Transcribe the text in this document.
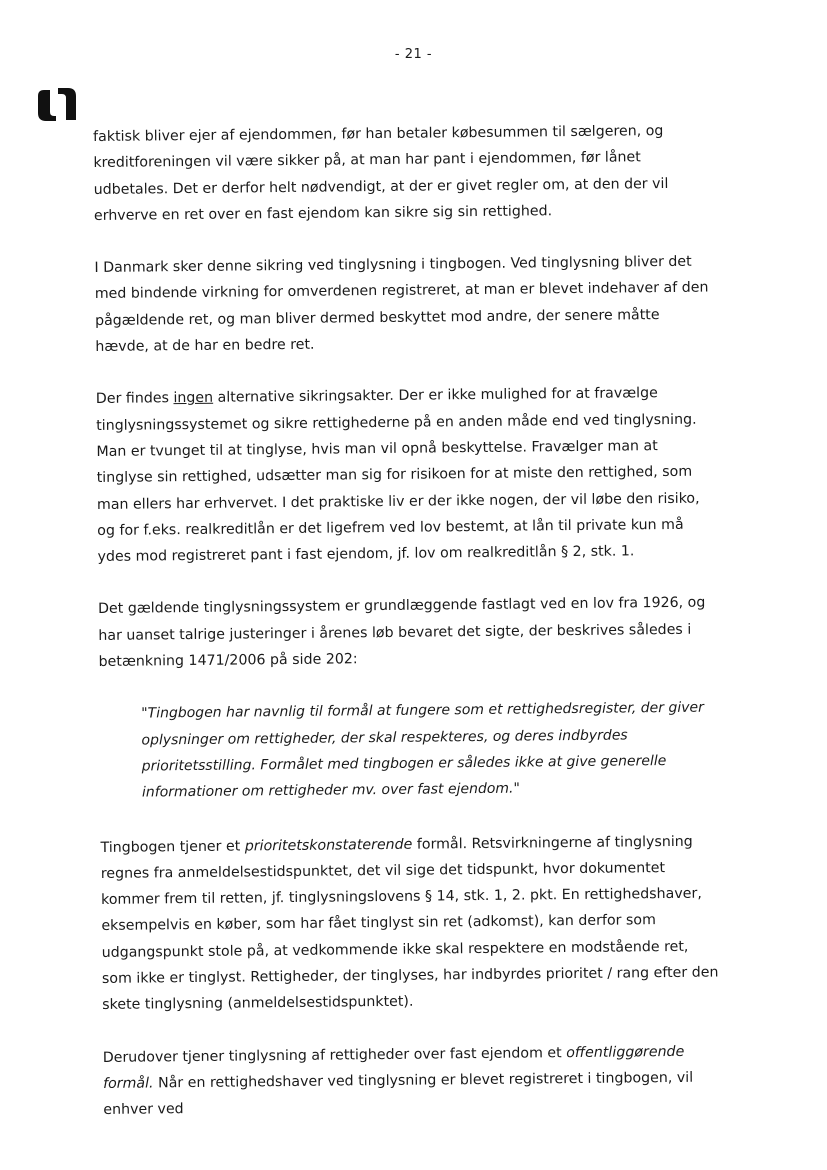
- 21 -

faktisk bliver ejer af ejendommen, før han betaler købesummen til sælgeren, og kreditforeningen vil være sikker på, at man har pant i ejendommen, før lånet udbetales. Det er derfor helt nødvendigt, at der er givet regler om, at den der vil erhverve en ret over en fast ejendom kan sikre sig sin rettighed.

I Danmark sker denne sikring ved tinglysning i tingbogen. Ved tinglysning bliver det med bindende virkning for omverdenen registreret, at man er blevet indehaver af den pågældende ret, og man bliver dermed beskyttet mod andre, der senere måtte hævde, at de har en bedre ret.

Der findes ingen alternative sikringsakter. Der er ikke mulighed for at fravælge tinglysningssystemet og sikre rettighederne på en anden måde end ved tinglysning. Man er tvunget til at tinglyse, hvis man vil opnå beskyttelse. Fravælger man at tinglyse sin rettighed, udsætter man sig for risikoen for at miste den rettighed, som man ellers har erhvervet. I det praktiske liv er der ikke nogen, der vil løbe den risiko, og for f.eks. realkreditlån er det ligefrem ved lov bestemt, at lån til private kun må ydes mod registreret pant i fast ejendom, jf. lov om realkreditlån § 2, stk. 1.

Det gældende tinglysningssystem er grundlæggende fastlagt ved en lov fra 1926, og har uanset talrige justeringer i årenes løb bevaret det sigte, der beskrives således i betænkning 1471/2006 på side 202:

"Tingbogen har navnlig til formål at fungere som et rettighedsregister, der giver oplysninger om rettigheder, der skal respekteres, og deres indbyrdes prioritetsstilling. Formålet med tingbogen er således ikke at give generelle informationer om rettigheder mv. over fast ejendom."

Tingbogen tjener et prioritetskonstaterende formål. Retsvirkningerne af tinglysning regnes fra anmeldelsestidspunktet, det vil sige det tidspunkt, hvor dokumentet kommer frem til retten, jf. tinglysningslovens § 14, stk. 1, 2. pkt. En rettighedshaver, eksempelvis en køber, som har fået tinglyst sin ret (adkomst), kan derfor som udgangspunkt stole på, at vedkommende ikke skal respektere en modstående ret, som ikke er tinglyst. Rettigheder, der tinglyses, har indbyrdes prioritet / rang efter den skete tinglysning (anmeldelsestidspunktet).

Derudover tjener tinglysning af rettigheder over fast ejendom et offentliggørende formål. Når en rettighedshaver ved tinglysning er blevet registreret i tingbogen, vil enhver ved
